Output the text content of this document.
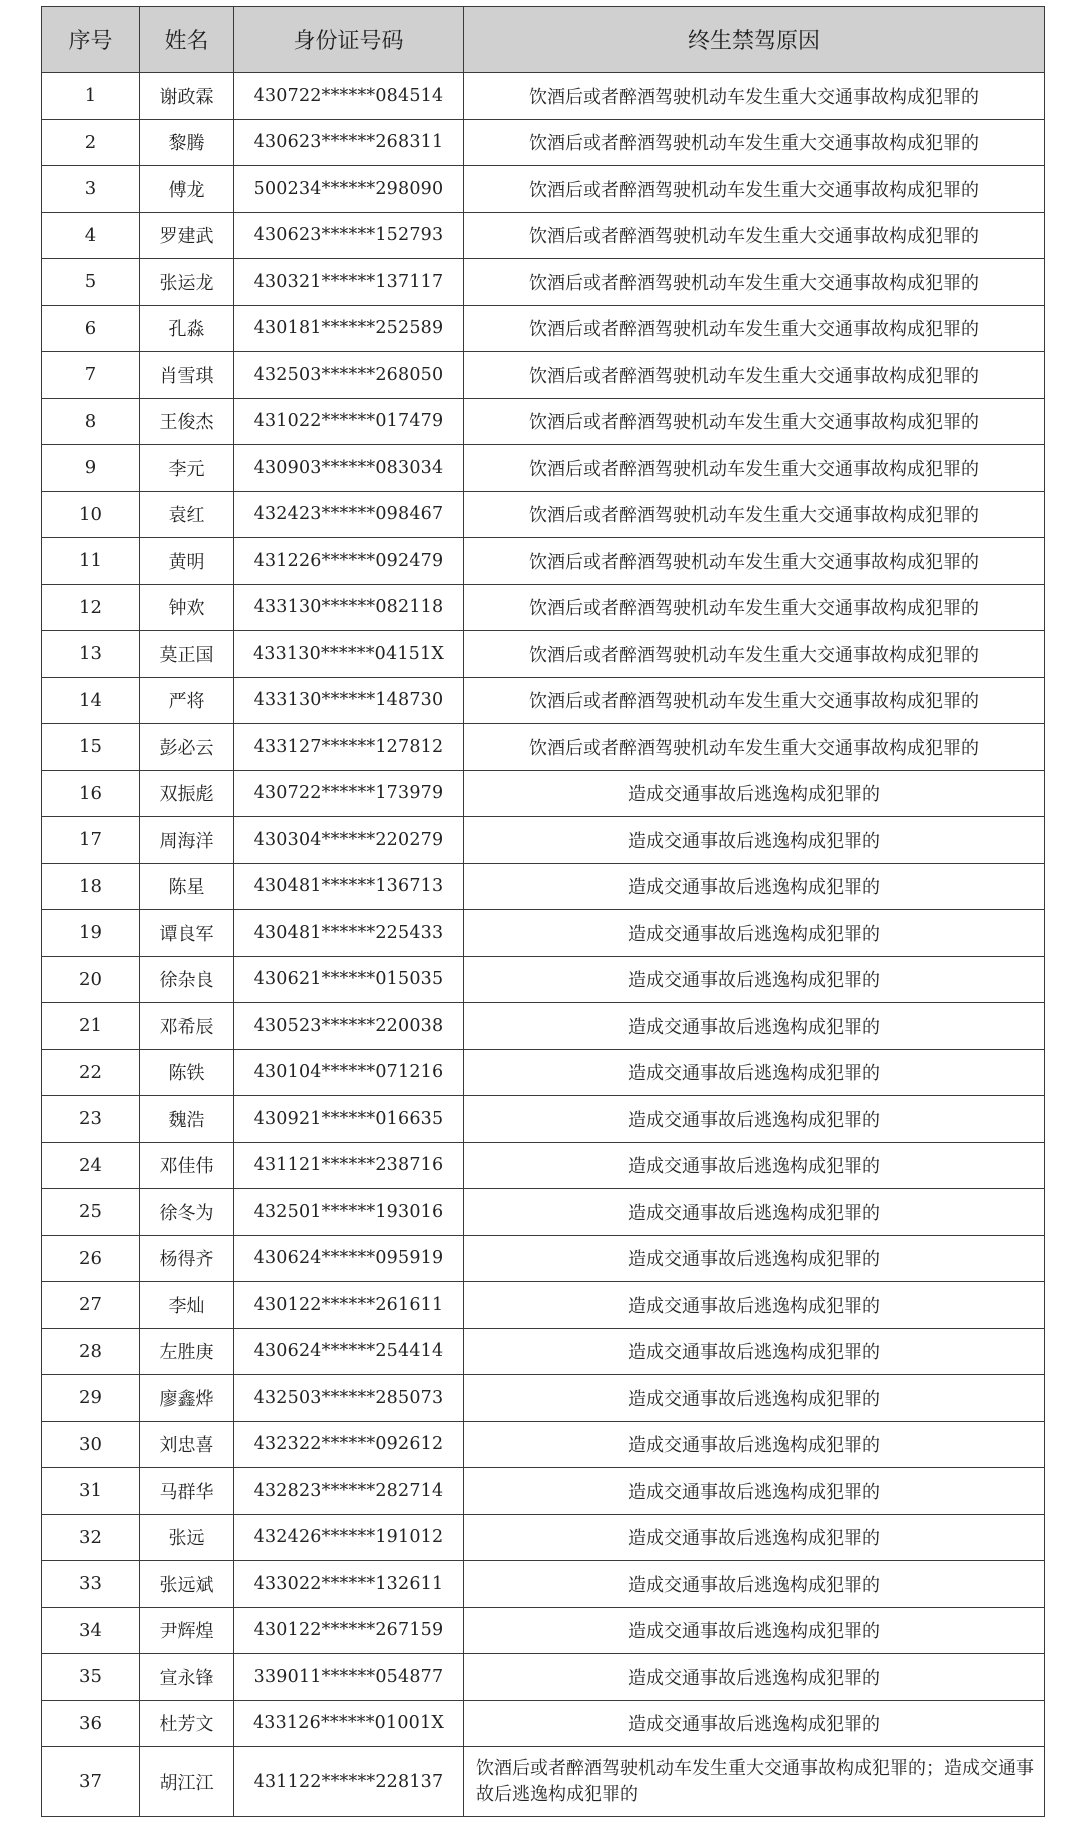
序号	姓名	身份证号码	终生禁驾原因
1	谢政霖	430722******084514	饮酒后或者醉酒驾驶机动车发生重大交通事故构成犯罪的
2	黎腾	430623******268311	饮酒后或者醉酒驾驶机动车发生重大交通事故构成犯罪的
3	傅龙	500234******298090	饮酒后或者醉酒驾驶机动车发生重大交通事故构成犯罪的
4	罗建武	430623******152793	饮酒后或者醉酒驾驶机动车发生重大交通事故构成犯罪的
5	张运龙	430321******137117	饮酒后或者醉酒驾驶机动车发生重大交通事故构成犯罪的
6	孔淼	430181******252589	饮酒后或者醉酒驾驶机动车发生重大交通事故构成犯罪的
7	肖雪琪	432503******268050	饮酒后或者醉酒驾驶机动车发生重大交通事故构成犯罪的
8	王俊杰	431022******017479	饮酒后或者醉酒驾驶机动车发生重大交通事故构成犯罪的
9	李元	430903******083034	饮酒后或者醉酒驾驶机动车发生重大交通事故构成犯罪的
10	袁红	432423******098467	饮酒后或者醉酒驾驶机动车发生重大交通事故构成犯罪的
11	黄明	431226******092479	饮酒后或者醉酒驾驶机动车发生重大交通事故构成犯罪的
12	钟欢	433130******082118	饮酒后或者醉酒驾驶机动车发生重大交通事故构成犯罪的
13	莫正国	433130******04151X	饮酒后或者醉酒驾驶机动车发生重大交通事故构成犯罪的
14	严将	433130******148730	饮酒后或者醉酒驾驶机动车发生重大交通事故构成犯罪的
15	彭必云	433127******127812	饮酒后或者醉酒驾驶机动车发生重大交通事故构成犯罪的
16	双振彪	430722******173979	造成交通事故后逃逸构成犯罪的
17	周海洋	430304******220279	造成交通事故后逃逸构成犯罪的
18	陈星	430481******136713	造成交通事故后逃逸构成犯罪的
19	谭良军	430481******225433	造成交通事故后逃逸构成犯罪的
20	徐杂良	430621******015035	造成交通事故后逃逸构成犯罪的
21	邓希辰	430523******220038	造成交通事故后逃逸构成犯罪的
22	陈铁	430104******071216	造成交通事故后逃逸构成犯罪的
23	魏浩	430921******016635	造成交通事故后逃逸构成犯罪的
24	邓佳伟	431121******238716	造成交通事故后逃逸构成犯罪的
25	徐冬为	432501******193016	造成交通事故后逃逸构成犯罪的
26	杨得齐	430624******095919	造成交通事故后逃逸构成犯罪的
27	李灿	430122******261611	造成交通事故后逃逸构成犯罪的
28	左胜庚	430624******254414	造成交通事故后逃逸构成犯罪的
29	廖鑫烨	432503******285073	造成交通事故后逃逸构成犯罪的
30	刘忠喜	432322******092612	造成交通事故后逃逸构成犯罪的
31	马群华	432823******282714	造成交通事故后逃逸构成犯罪的
32	张远	432426******191012	造成交通事故后逃逸构成犯罪的
33	张远斌	433022******132611	造成交通事故后逃逸构成犯罪的
34	尹辉煌	430122******267159	造成交通事故后逃逸构成犯罪的
35	宣永锋	339011******054877	造成交通事故后逃逸构成犯罪的
36	杜芳文	433126******01001X	造成交通事故后逃逸构成犯罪的
37	胡江江	431122******228137	饮酒后或者醉酒驾驶机动车发生重大交通事故构成犯罪的；造成交通事故后逃逸构成犯罪的
